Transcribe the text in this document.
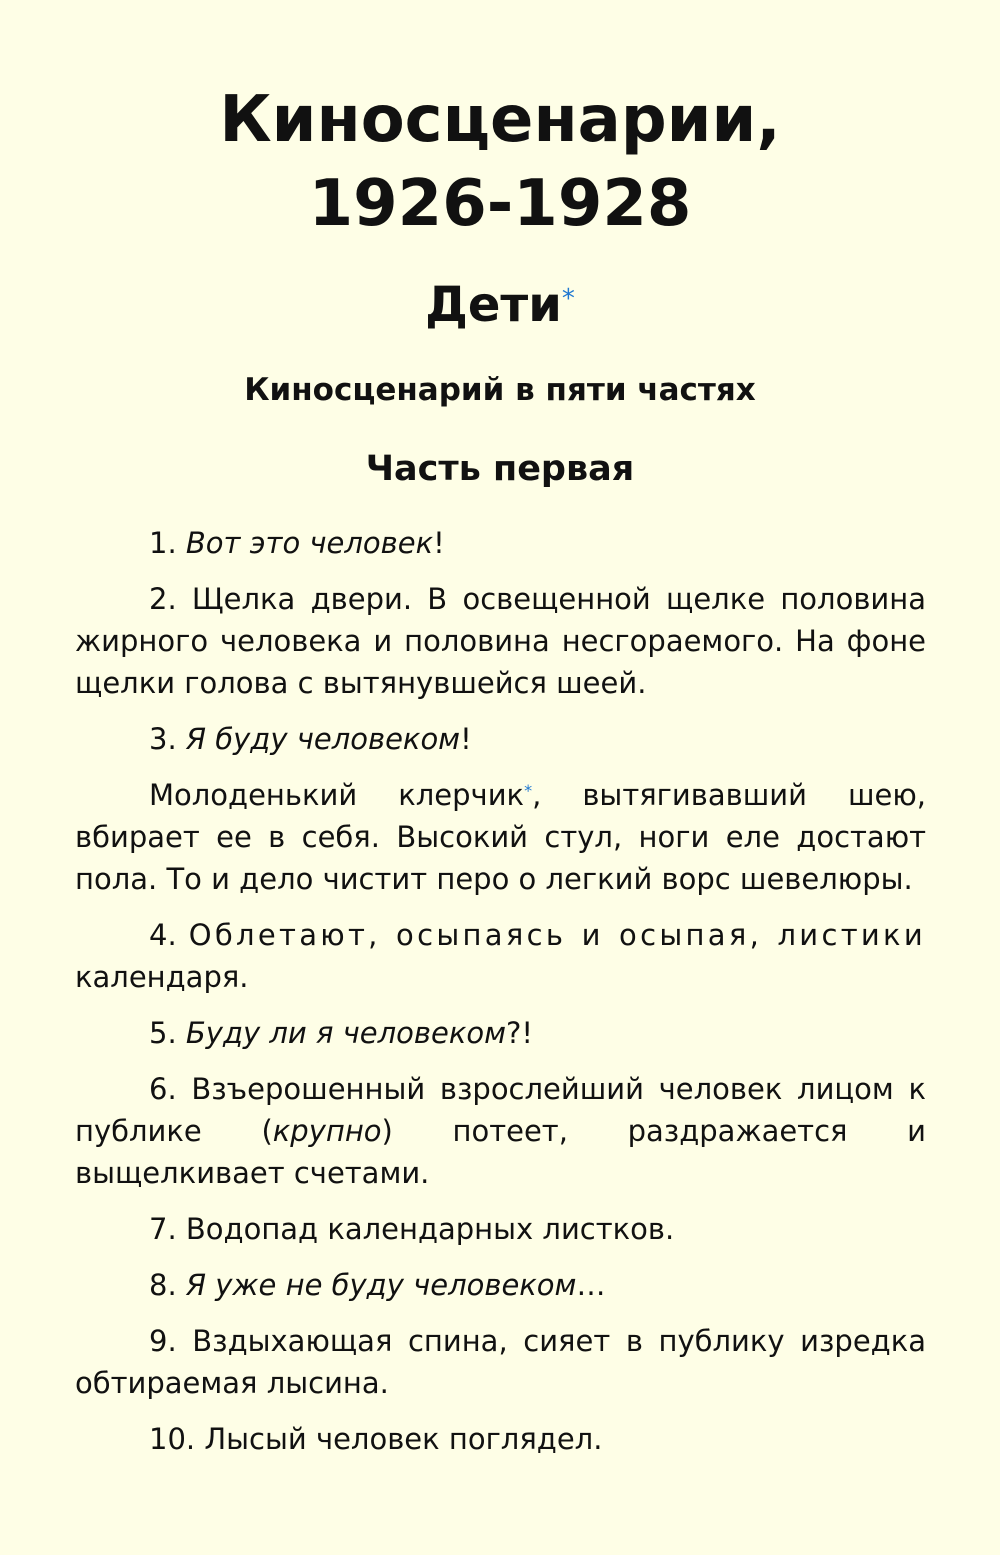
Киносценарии,
1926-1928
Дети*
Киносценарий в пяти частях
Часть первая

1. Вот это человек!

2. Щелка двери. В освещенной щелке половина жирного человека и половина несгораемого. На фоне щелки голова с вытянувшейся шеей.

3. Я буду человеком!

Молоденький клерчик*, вытягивавший шею, вбирает ее в себя. Высокий стул, ноги еле достают пола. То и дело чистит перо о легкий ворс шевелюры.

4. Облетают, осыпаясь и осыпая, листики календаря.

5. Буду ли я человеком?!

6. Взъерошенный взрослейший человек лицом к публике (крупно) потеет, раздражается и выщелкивает счетами.

7. Водопад календарных листков.

8. Я уже не буду человеком…

9. Вздыхающая спина, сияет в публику изредка обтираемая лысина.

10. Лысый человек поглядел.
